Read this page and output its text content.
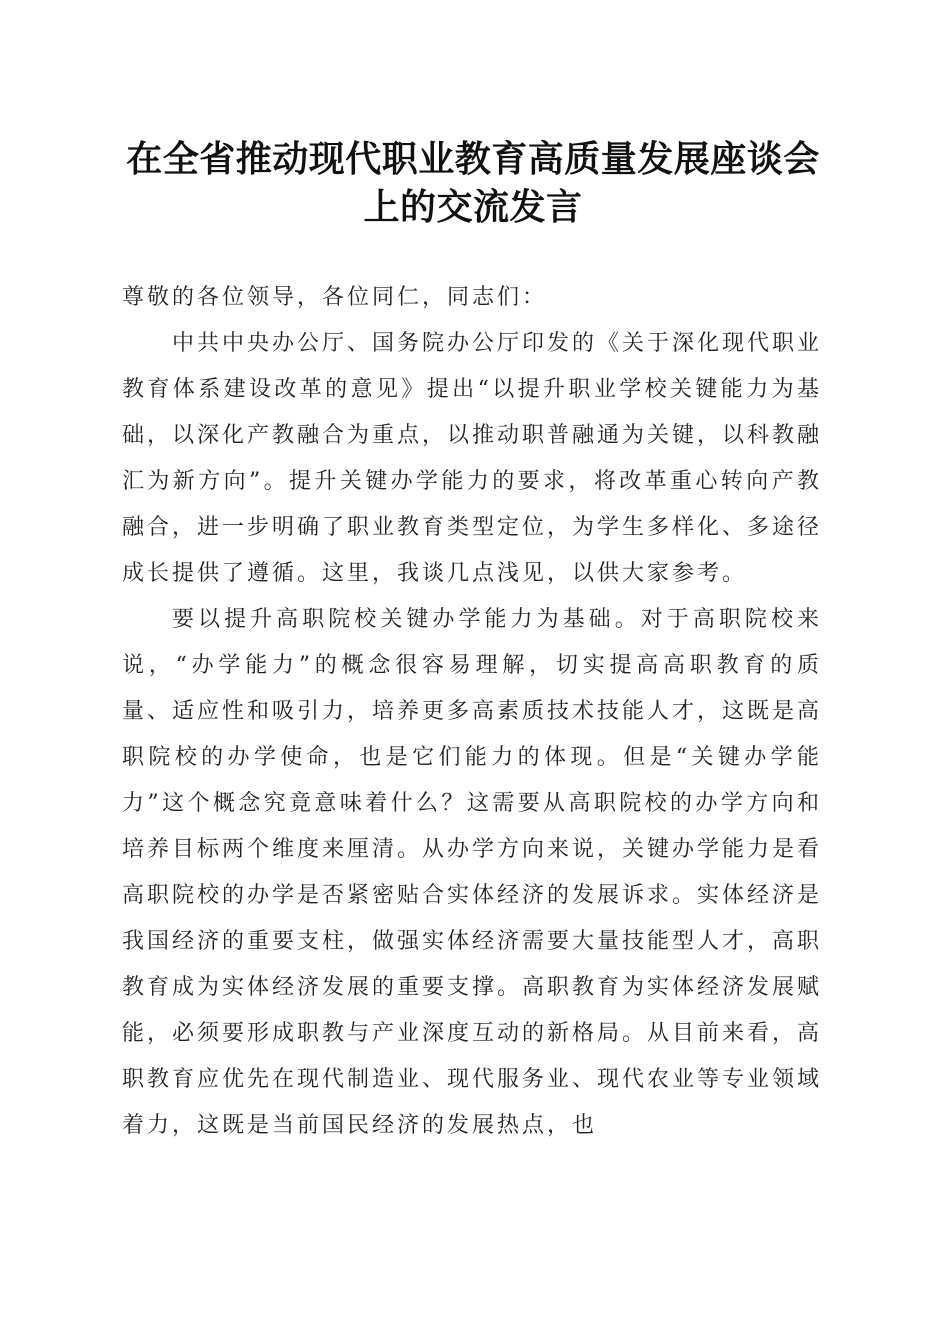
在全省推动现代职业教育高质量发展座谈会上的交流发言

尊敬的各位领导，各位同仁，同志们：

中共中央办公厅、国务院办公厅印发的《关于深化现代职业教育体系建设改革的意见》提出“以提升职业学校关键能力为基础，以深化产教融合为重点，以推动职普融通为关键，以科教融汇为新方向”。提升关键办学能力的要求，将改革重心转向产教融合，进一步明确了职业教育类型定位，为学生多样化、多途径成长提供了遵循。这里，我谈几点浅见，以供大家参考。

要以提升高职院校关键办学能力为基础。对于高职院校来说，“办学能力”的概念很容易理解，切实提高高职教育的质量、适应性和吸引力，培养更多高素质技术技能人才，这既是高职院校的办学使命，也是它们能力的体现。但是“关键办学能力”这个概念究竟意味着什么？这需要从高职院校的办学方向和培养目标两个维度来厘清。从办学方向来说，关键办学能力是看高职院校的办学是否紧密贴合实体经济的发展诉求。实体经济是我国经济的重要支柱，做强实体经济需要大量技能型人才，高职教育成为实体经济发展的重要支撑。高职教育为实体经济发展赋能，必须要形成职教与产业深度互动的新格局。从目前来看，高职教育应优先在现代制造业、现代服务业、现代农业等专业领域着力，这既是当前国民经济的发展热点，也
